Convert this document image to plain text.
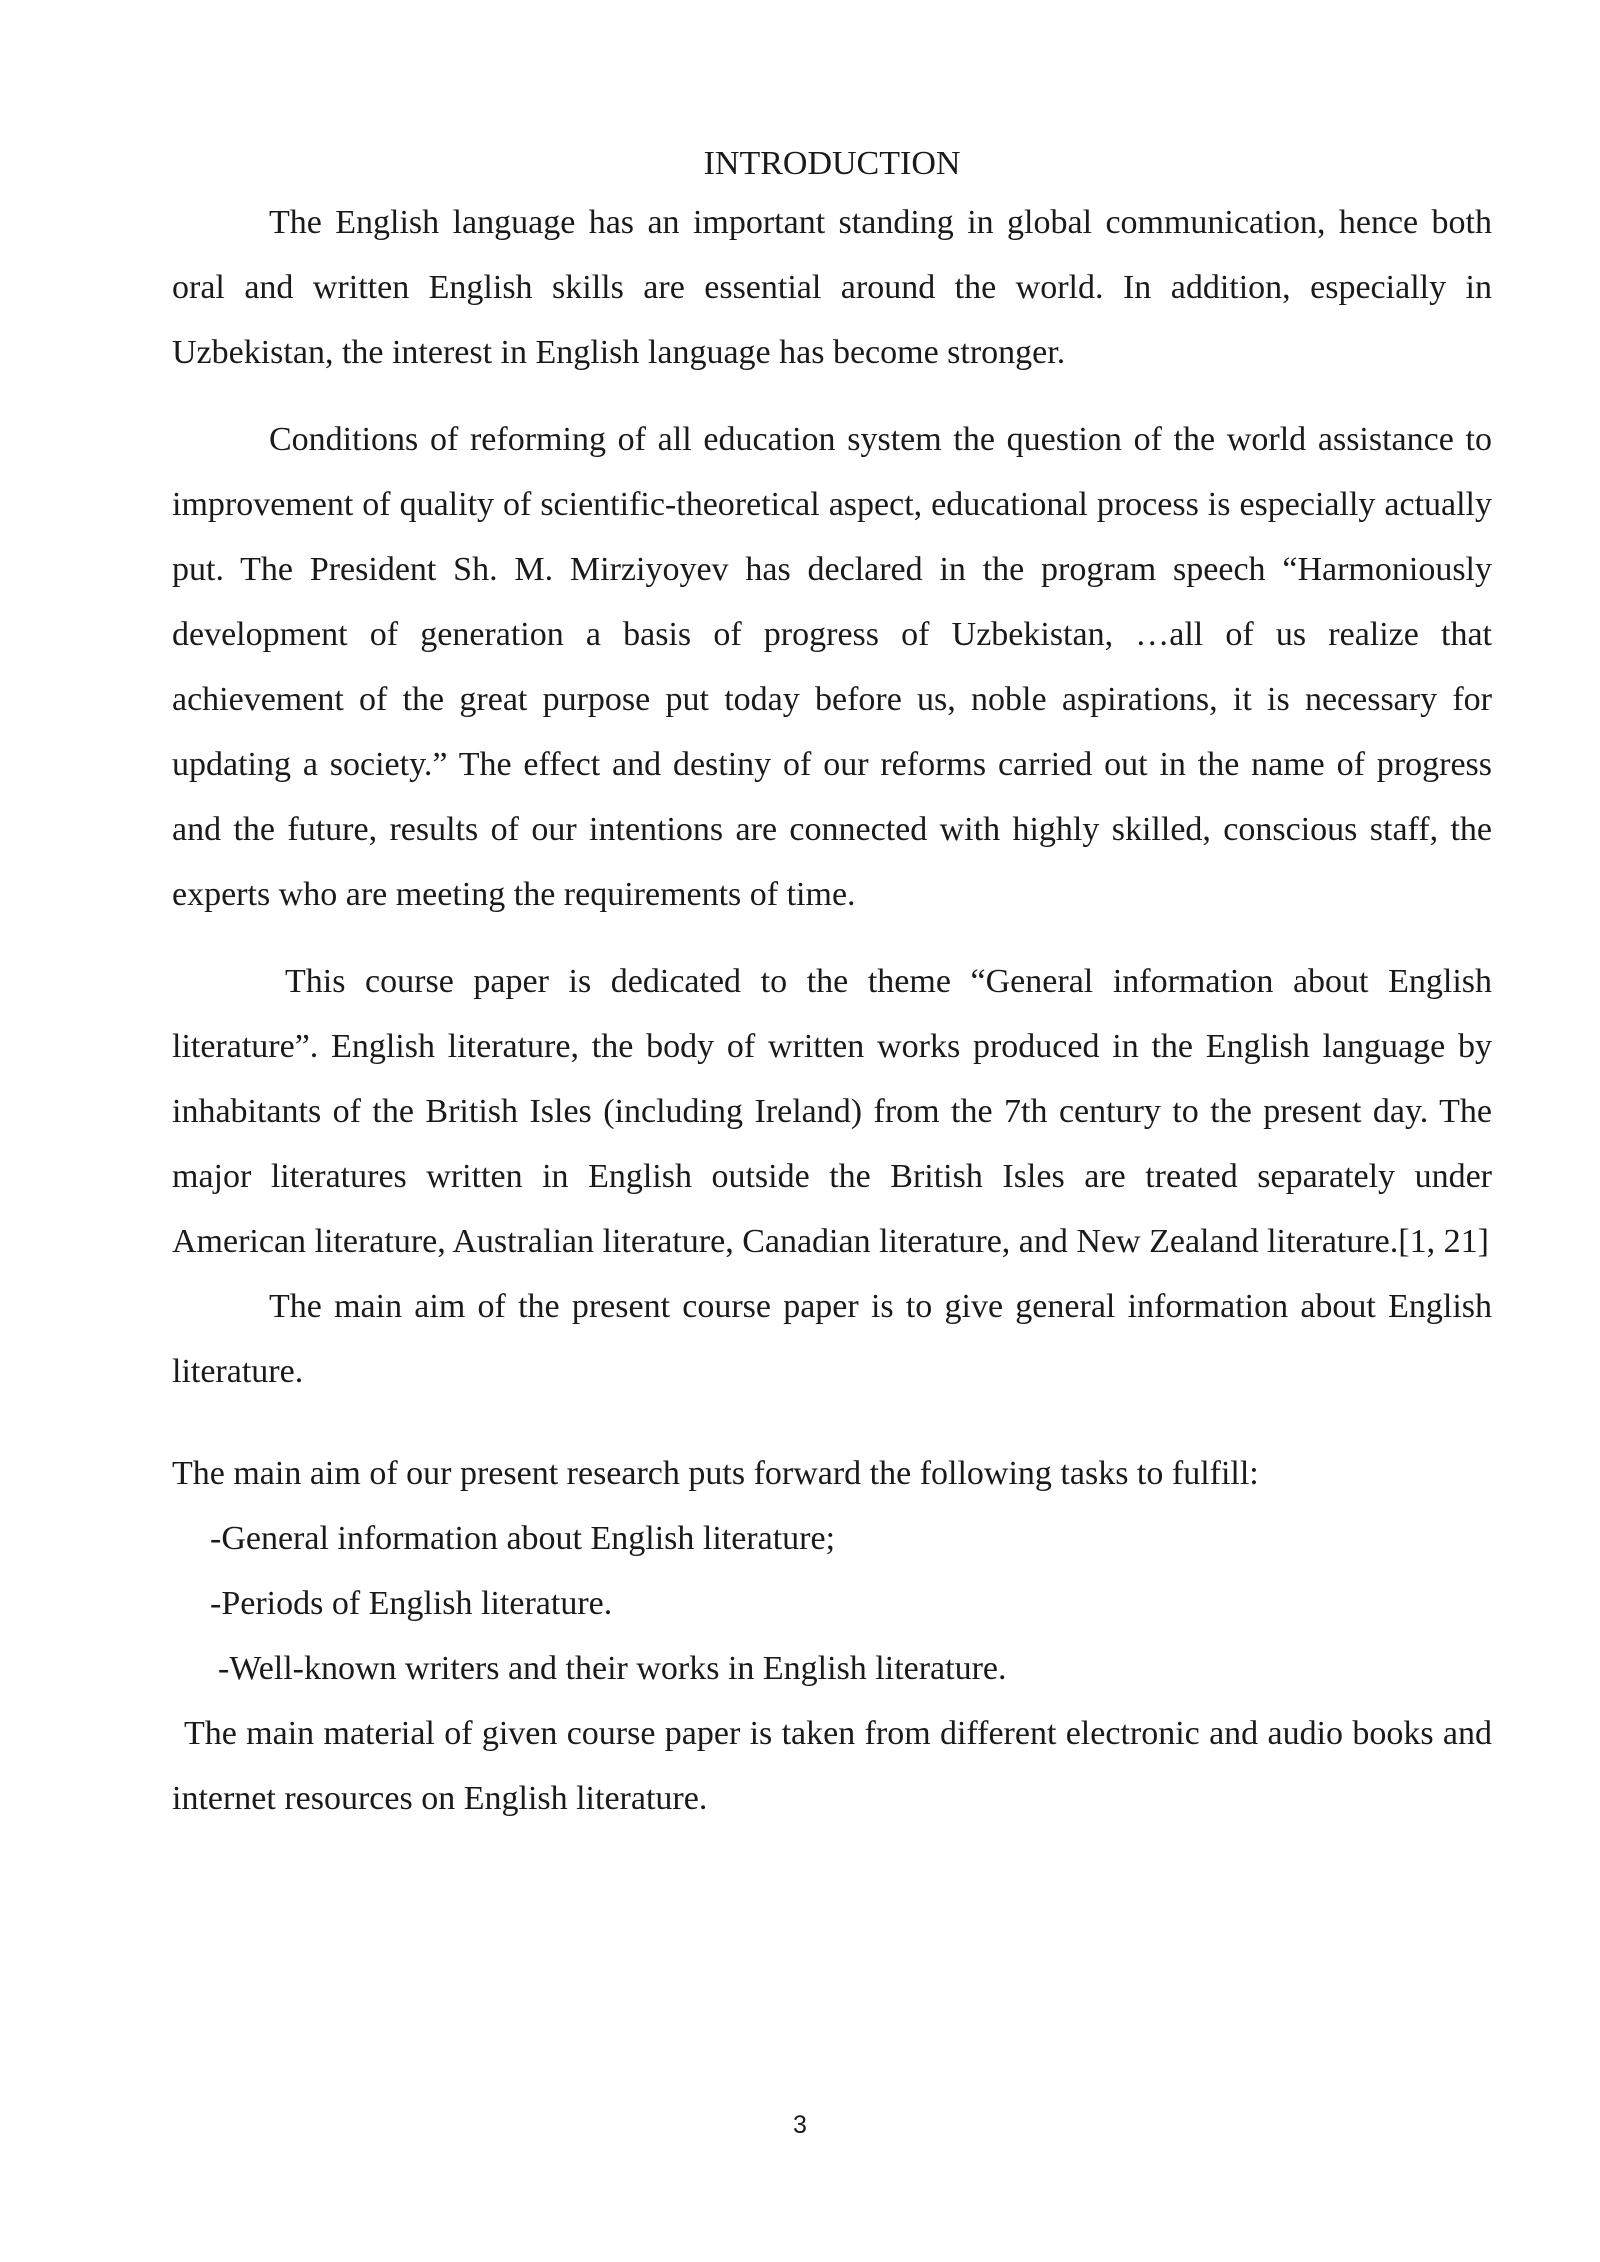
INTRODUCTION

The English language has an important standing in global communication, hence both oral and written English skills are essential around the world. In addition, especially in Uzbekistan, the interest in English language has become stronger.

Conditions of reforming of all education system the question of the world assistance to improvement of quality of scientific-theoretical aspect, educational process is especially actually put. The President Sh. M. Mirziyoyev has declared in the program speech “Harmoniously development of generation a basis of progress of Uzbekistan, …all of us realize that achievement of the great purpose put today before us, noble aspirations, it is necessary for updating a society.” The effect and destiny of our reforms carried out in the name of progress and the future, results of our intentions are connected with highly skilled, conscious staff, the experts who are meeting the requirements of time.

This course paper is dedicated to the theme “General information about English literature”. English literature, the body of written works produced in the English language by inhabitants of the British Isles (including Ireland) from the 7th century to the present day. The major literatures written in English outside the British Isles are treated separately under American literature, Australian literature, Canadian literature, and New Zealand literature.[1, 21]

The main aim of the present course paper is to give general information about English literature.

The main aim of our present research puts forward the following tasks to fulfill:

-General information about English literature;

-Periods of English literature.

-Well-known writers and their works in English literature.

The main material of given course paper is taken from different electronic and audio books and internet resources on English literature.

3
